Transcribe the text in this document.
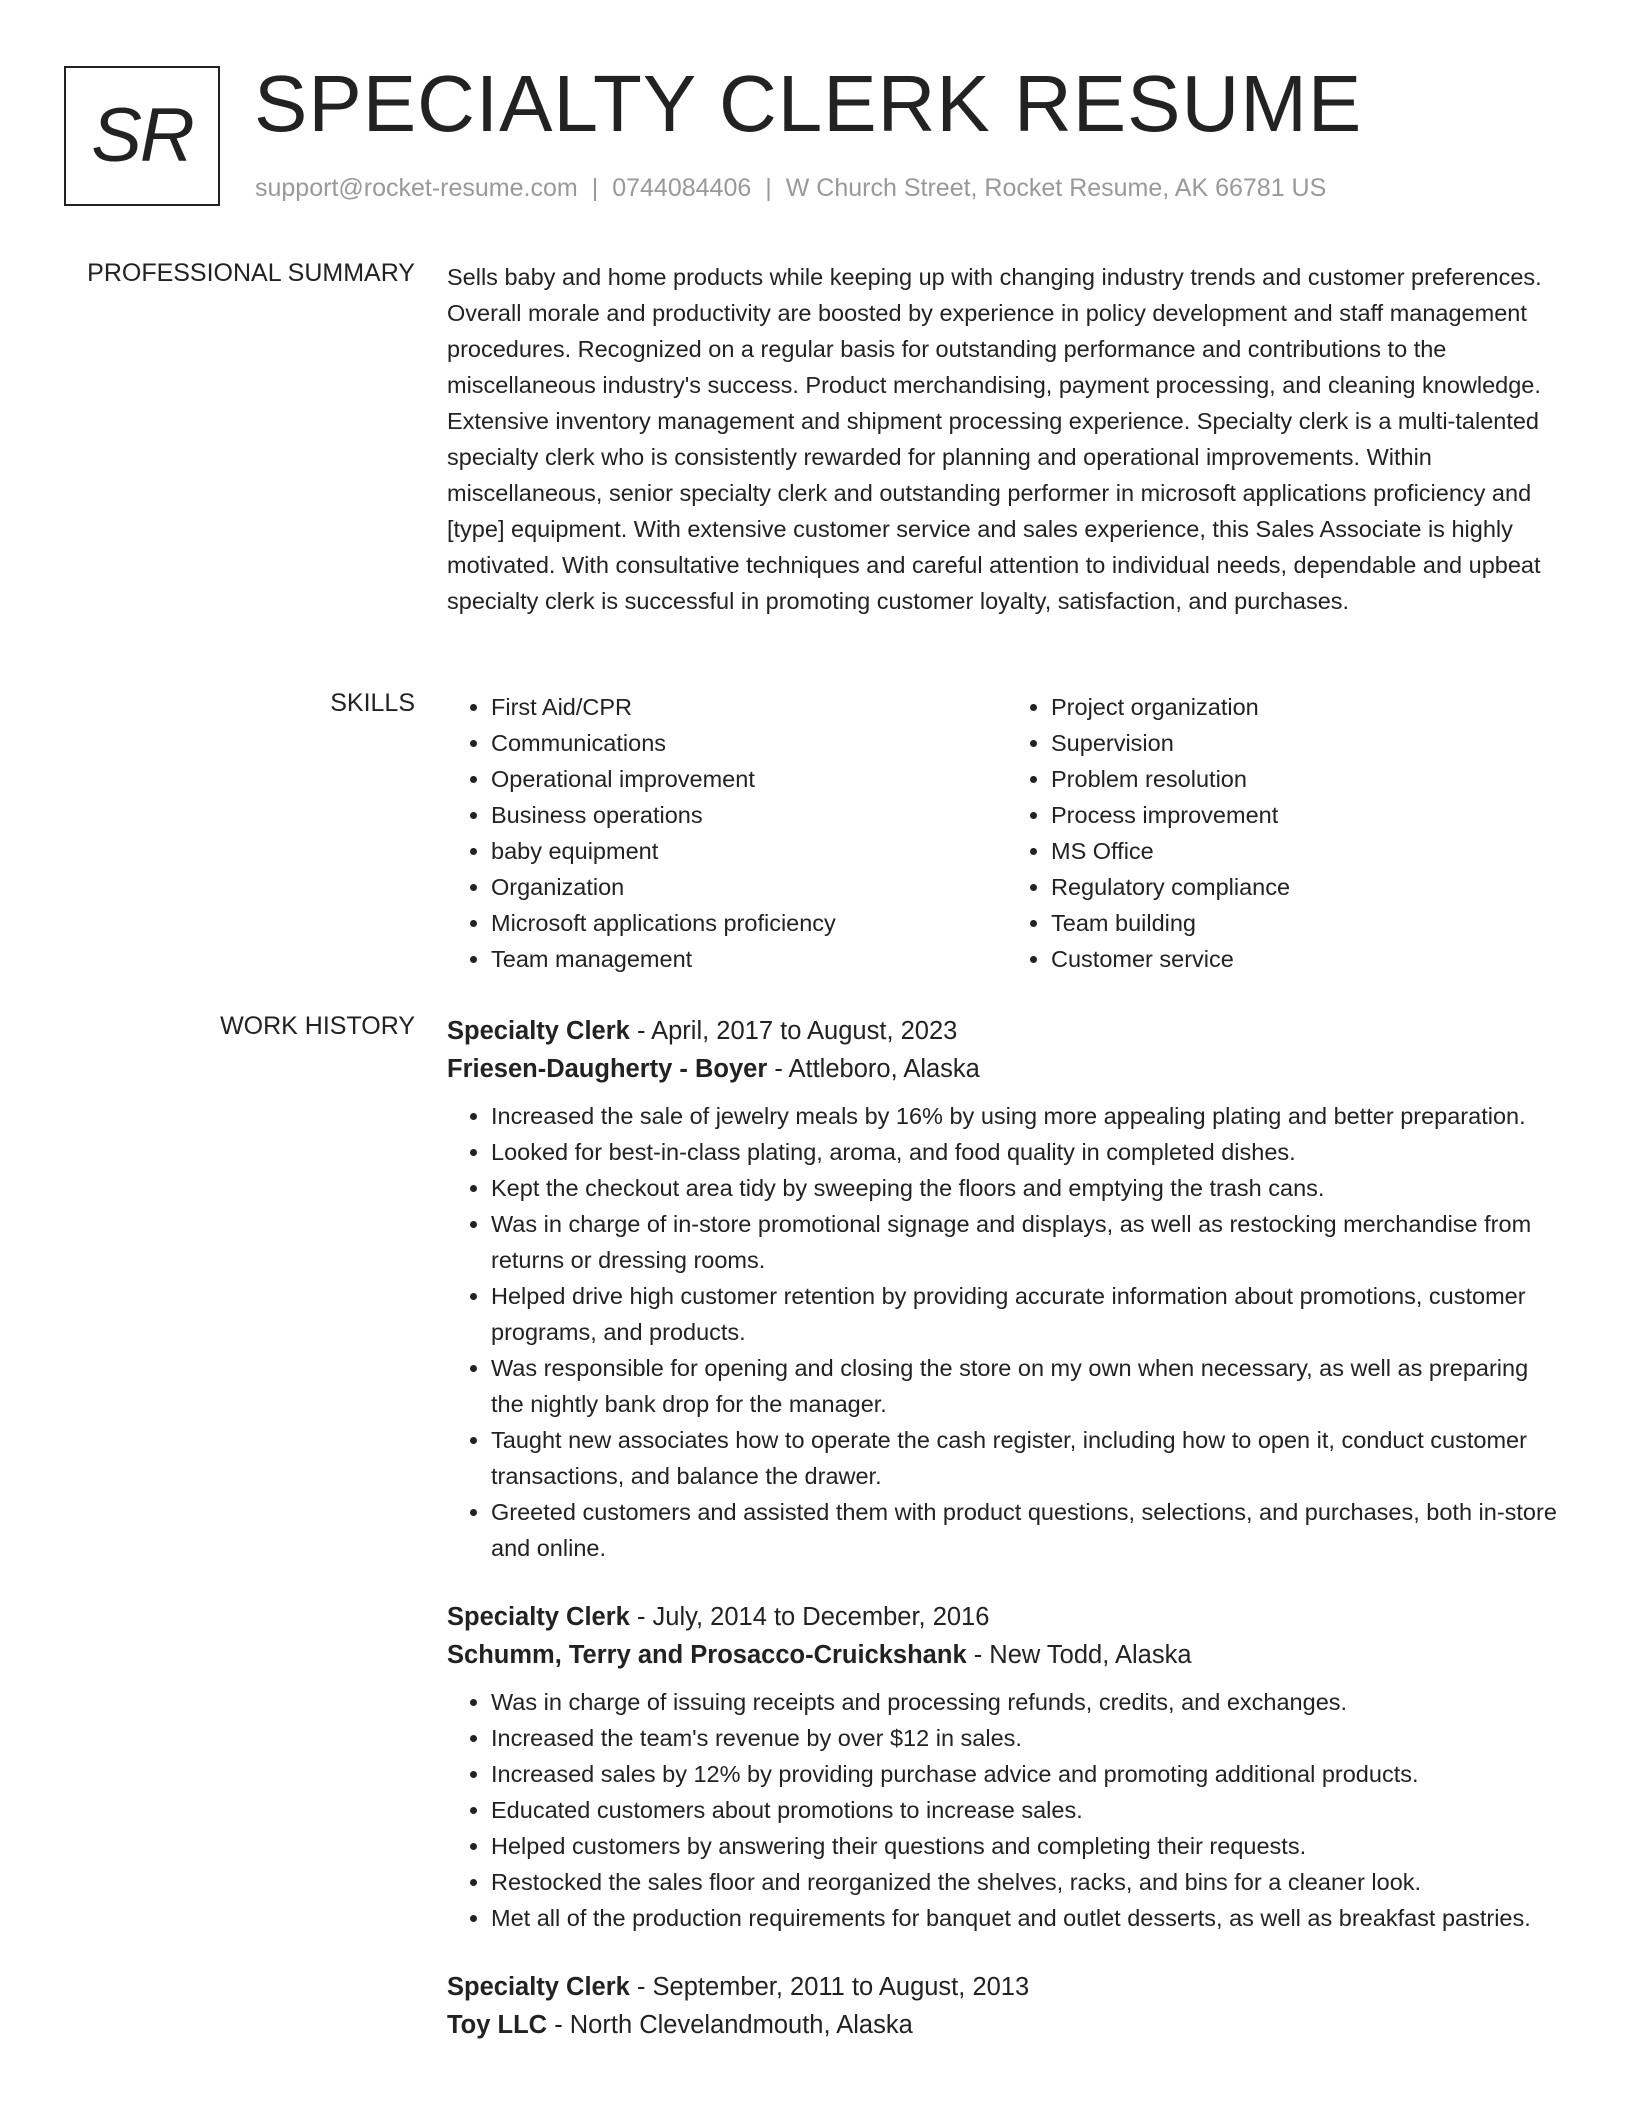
SR SPECIALTY CLERK RESUME
support@rocket-resume.com | 0744084406 | W Church Street, Rocket Resume, AK 66781 US
PROFESSIONAL SUMMARY Sells baby and home products while keeping up with changing industry trends and customer preferences. Overall morale and productivity are boosted by experience in policy development and staff management procedures. Recognized on a regular basis for outstanding performance and contributions to the miscellaneous industry's success. Product merchandising, payment processing, and cleaning knowledge. Extensive inventory management and shipment processing experience. Specialty clerk is a multi-talented specialty clerk who is consistently rewarded for planning and operational improvements. Within miscellaneous, senior specialty clerk and outstanding performer in microsoft applications proficiency and [type] equipment. With extensive customer service and sales experience, this Sales Associate is highly motivated. With consultative techniques and careful attention to individual needs, dependable and upbeat specialty clerk is successful in promoting customer loyalty, satisfaction, and purchases.
SKILLS
•	First Aid/CPR
• Communications
• Operational improvement
• Business operations
• baby equipment
• Organization
• Microsoft applications proficiency
• Team management
• Project organization
• Supervision
• Problem resolution
• Process improvement
• MS Office
• Regulatory compliance
• Team building
• Customer service
WORK HISTORY Specialty Clerk - April, 2017 to August, 2023
Friesen-Daugherty - Boyer - Attleboro, Alaska
• Increased the sale of jewelry meals by 16% by using more appealing plating and better preparation.
• Looked for best-in-class plating, aroma, and food quality in completed dishes.
• Kept the checkout area tidy by sweeping the floors and emptying the trash cans.
• Was in charge of in-store promotional signage and displays, as well as restocking merchandise from returns or dressing rooms.
• Helped drive high customer retention by providing accurate information about promotions, customer programs, and products.
• Was responsible for opening and closing the store on my own when necessary, as well as preparing the nightly bank drop for the manager.
• Taught new associates how to operate the cash register, including how to open it, conduct customer transactions, and balance the drawer.
• Greeted customers and assisted them with product questions, selections, and purchases, both in-store and online.
Specialty Clerk - July, 2014 to December, 2016
Schumm, Terry and Prosacco-Cruickshank - New Todd, Alaska
• Was in charge of issuing receipts and processing refunds, credits, and exchanges.
• Increased the team's revenue by over $12 in sales.
• Increased sales by 12% by providing purchase advice and promoting additional products.
• Educated customers about promotions to increase sales.
• Helped customers by answering their questions and completing their requests.
• Restocked the sales floor and reorganized the shelves, racks, and bins for a cleaner look.
• Met all of the production requirements for banquet and outlet desserts, as well as breakfast pastries.
Specialty Clerk - September, 2011 to August, 2013
Toy LLC - North Clevelandmouth, Alaska
